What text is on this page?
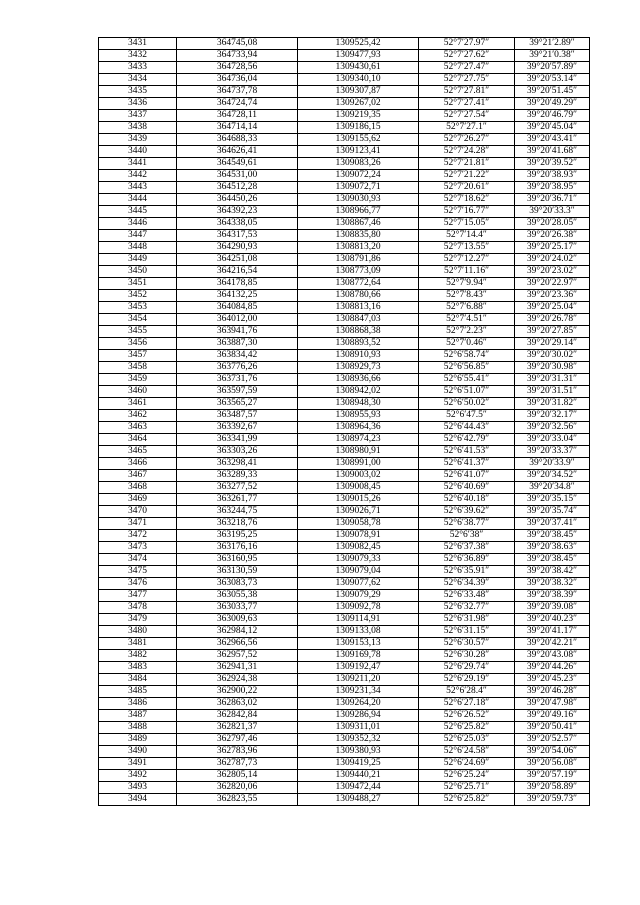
3431	364745,08	1309525,42	52°7′27.97″	39°21′2.89″
3432	364733,94	1309477,93	52°7′27.62″	39°21′0.38″
3433	364728,56	1309430,61	52°7′27.47″	39°20′57.89″
3434	364736,04	1309340,10	52°7′27.75″	39°20′53.14″
3435	364737,78	1309307,87	52°7′27.81″	39°20′51.45″
3436	364724,74	1309267,02	52°7′27.41″	39°20′49.29″
3437	364728,11	1309219,35	52°7′27.54″	39°20′46.79″
3438	364714,14	1309186,15	52°7′27.1″	39°20′45.04″
3439	364688,33	1309155,62	52°7′26.27″	39°20′43.41″
3440	364626,41	1309123,41	52°7′24.28″	39°20′41.68″
3441	364549,61	1309083,26	52°7′21.81″	39°20′39.52″
3442	364531,00	1309072,24	52°7′21.22″	39°20′38.93″
3443	364512,28	1309072,71	52°7′20.61″	39°20′38.95″
3444	364450,26	1309030,93	52°7′18.62″	39°20′36.71″
3445	364392,23	1308966,77	52°7′16.77″	39°20′33.3″
3446	364338,05	1308867,46	52°7′15.05″	39°20′28.05″
3447	364317,53	1308835,80	52°7′14.4″	39°20′26.38″
3448	364290,93	1308813,20	52°7′13.55″	39°20′25.17″
3449	364251,08	1308791,86	52°7′12.27″	39°20′24.02″
3450	364216,54	1308773,09	52°7′11.16″	39°20′23.02″
3451	364178,85	1308772,64	52°7′9.94″	39°20′22.97″
3452	364132,25	1308780,66	52°7′8.43″	39°20′23.36″
3453	364084,85	1308813,16	52°7′6.88″	39°20′25.04″
3454	364012,00	1308847,03	52°7′4.51″	39°20′26.78″
3455	363941,76	1308868,38	52°7′2.23″	39°20′27.85″
3456	363887,30	1308893,52	52°7′0.46″	39°20′29.14″
3457	363834,42	1308910,93	52°6′58.74″	39°20′30.02″
3458	363776,26	1308929,73	52°6′56.85″	39°20′30.98″
3459	363731,76	1308936,66	52°6′55.41″	39°20′31.31″
3460	363597,59	1308942,02	52°6′51.07″	39°20′31.51″
3461	363565,27	1308948,30	52°6′50.02″	39°20′31.82″
3462	363487,57	1308955,93	52°6′47.5″	39°20′32.17″
3463	363392,67	1308964,36	52°6′44.43″	39°20′32.56″
3464	363341,99	1308974,23	52°6′42.79″	39°20′33.04″
3465	363303,26	1308980,91	52°6′41.53″	39°20′33.37″
3466	363298,41	1308991,00	52°6′41.37″	39°20′33.9″
3467	363289,33	1309003,02	52°6′41.07″	39°20′34.52″
3468	363277,52	1309008,45	52°6′40.69″	39°20′34.8″
3469	363261,77	1309015,26	52°6′40.18″	39°20′35.15″
3470	363244,75	1309026,71	52°6′39.62″	39°20′35.74″
3471	363218,76	1309058,78	52°6′38.77″	39°20′37.41″
3472	363195,25	1309078,91	52°6′38″	39°20′38.45″
3473	363176,16	1309082,45	52°6′37.38″	39°20′38.63″
3474	363160,95	1309079,33	52°6′36.89″	39°20′38.45″
3475	363130,59	1309079,04	52°6′35.91″	39°20′38.42″
3476	363083,73	1309077,62	52°6′34.39″	39°20′38.32″
3477	363055,38	1309079,29	52°6′33.48″	39°20′38.39″
3478	363033,77	1309092,78	52°6′32.77″	39°20′39.08″
3479	363009,63	1309114,91	52°6′31.98″	39°20′40.23″
3480	362984,12	1309133,08	52°6′31.15″	39°20′41.17″
3481	362966,56	1309153,13	52°6′30.57″	39°20′42.21″
3482	362957,52	1309169,78	52°6′30.28″	39°20′43.08″
3483	362941,31	1309192,47	52°6′29.74″	39°20′44.26″
3484	362924,38	1309211,20	52°6′29.19″	39°20′45.23″
3485	362900,22	1309231,34	52°6′28.4″	39°20′46.28″
3486	362863,02	1309264,20	52°6′27.18″	39°20′47.98″
3487	362842,84	1309286,94	52°6′26.52″	39°20′49.16″
3488	362821,37	1309311,01	52°6′25.82″	39°20′50.41″
3489	362797,46	1309352,32	52°6′25.03″	39°20′52.57″
3490	362783,96	1309380,93	52°6′24.58″	39°20′54.06″
3491	362787,73	1309419,25	52°6′24.69″	39°20′56.08″
3492	362805,14	1309440,21	52°6′25.24″	39°20′57.19″
3493	362820,06	1309472,44	52°6′25.71″	39°20′58.89″
3494	362823,55	1309488,27	52°6′25.82″	39°20′59.73″
